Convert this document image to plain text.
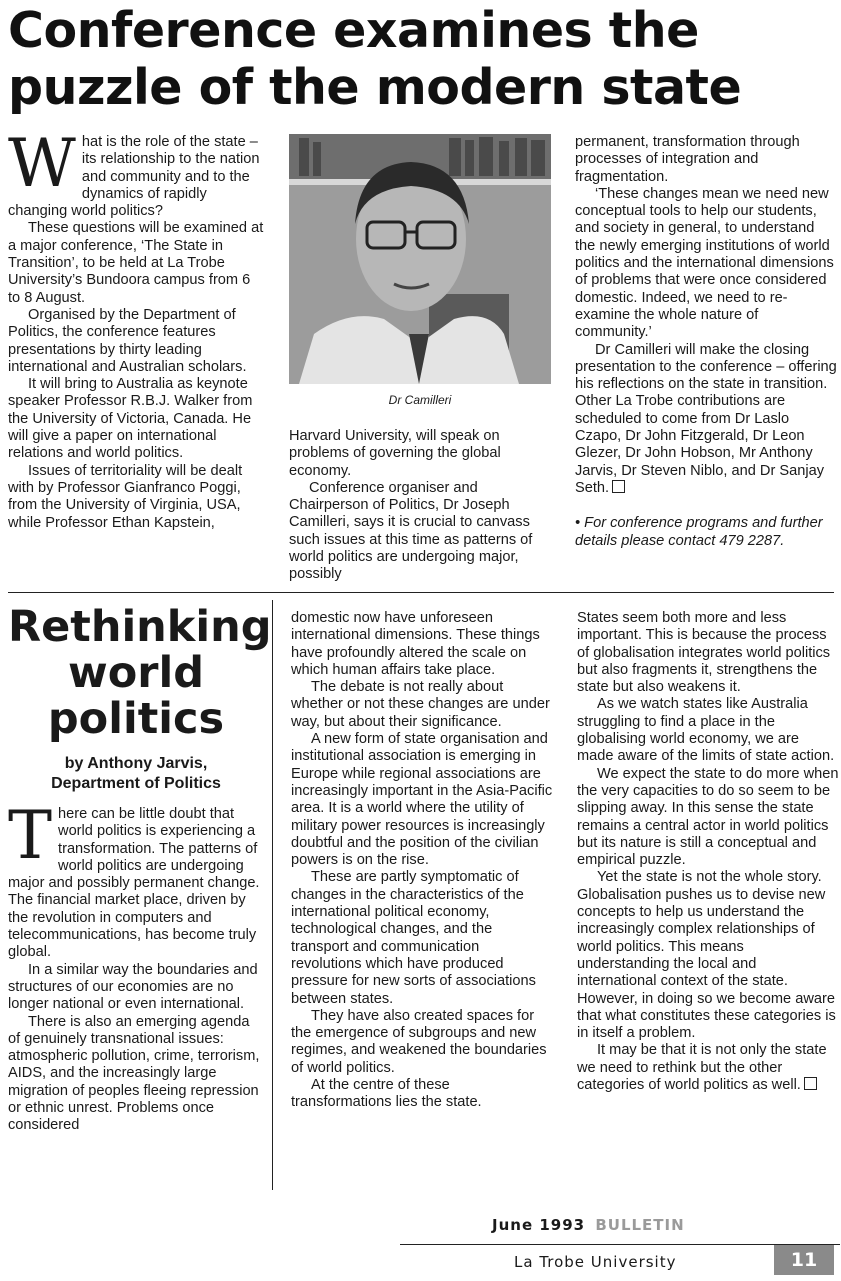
Conference examines the puzzle of the modern state

What is the role of the state – its relationship to the nation and community and to the dynamics of rapidly changing world politics?

These questions will be examined at a major conference, ‘The State in Transition’, to be held at La Trobe University’s Bundoora campus from 6 to 8 August.

Organised by the Department of Politics, the conference features presentations by thirty leading international and Australian scholars.

It will bring to Australia as keynote speaker Professor R.B.J. Walker from the University of Victoria, Canada. He will give a paper on international relations and world politics.

Issues of territoriality will be dealt with by Professor Gianfranco Poggi, from the University of Virginia, USA, while Professor Ethan Kapstein,

Dr Camilleri

Harvard University, will speak on problems of governing the global economy.

Conference organiser and Chairperson of Politics, Dr Joseph Camilleri, says it is crucial to canvass such issues at this time as patterns of world politics are undergoing major, possibly

permanent, transformation through processes of integration and fragmentation.

‘These changes mean we need new conceptual tools to help our students, and society in general, to understand the newly emerging institutions of world politics and the international dimensions of problems that were once considered domestic. Indeed, we need to re-examine the whole nature of community.’

Dr Camilleri will make the closing presentation to the conference – offering his reflections on the state in transition. Other La Trobe contributions are scheduled to come from Dr Laslo Czapo, Dr John Fitzgerald, Dr Leon Glezer, Dr John Hobson, Mr Anthony Jarvis, Dr Steven Niblo, and Dr Sanjay Seth.

• For conference programs and further details please contact 479 2287.

Rethinking world politics

by Anthony Jarvis,
Department of Politics

There can be little doubt that world politics is experiencing a transformation. The patterns of world politics are undergoing major and possibly permanent change. The financial market place, driven by the revolution in computers and telecommunications, has become truly global.

In a similar way the boundaries and structures of our economies are no longer national or even international.

There is also an emerging agenda of genuinely transnational issues: atmospheric pollution, crime, terrorism, AIDS, and the increasingly large migration of peoples fleeing repression or ethnic unrest. Problems once considered

domestic now have unforeseen international dimensions. These things have profoundly altered the scale on which human affairs take place.

The debate is not really about whether or not these changes are under way, but about their significance.

A new form of state organisation and institutional association is emerging in Europe while regional associations are increasingly important in the Asia-Pacific area. It is a world where the utility of military power resources is increasingly doubtful and the position of the civilian powers is on the rise.

These are partly symptomatic of changes in the characteristics of the international political economy, technological changes, and the transport and communication revolutions which have produced pressure for new sorts of associations between states.

They have also created spaces for the emergence of subgroups and new regimes, and weakened the boundaries of world politics.

At the centre of these transformations lies the state.

States seem both more and less important. This is because the process of globalisation integrates world politics but also fragments it, strengthens the state but also weakens it.

As we watch states like Australia struggling to find a place in the globalising world economy, we are made aware of the limits of state action.

We expect the state to do more when the very capacities to do so seem to be slipping away. In this sense the state remains a central actor in world politics but its nature is still a conceptual and empirical puzzle.

Yet the state is not the whole story. Globalisation pushes us to devise new concepts to help us understand the increasingly complex relationships of world politics. This means understanding the local and international context of the state. However, in doing so we become aware that what constitutes these categories is in itself a problem.

It may be that it is not only the state we need to rethink but the other categories of world politics as well.

June 1993 BULLETIN

La Trobe University	11
